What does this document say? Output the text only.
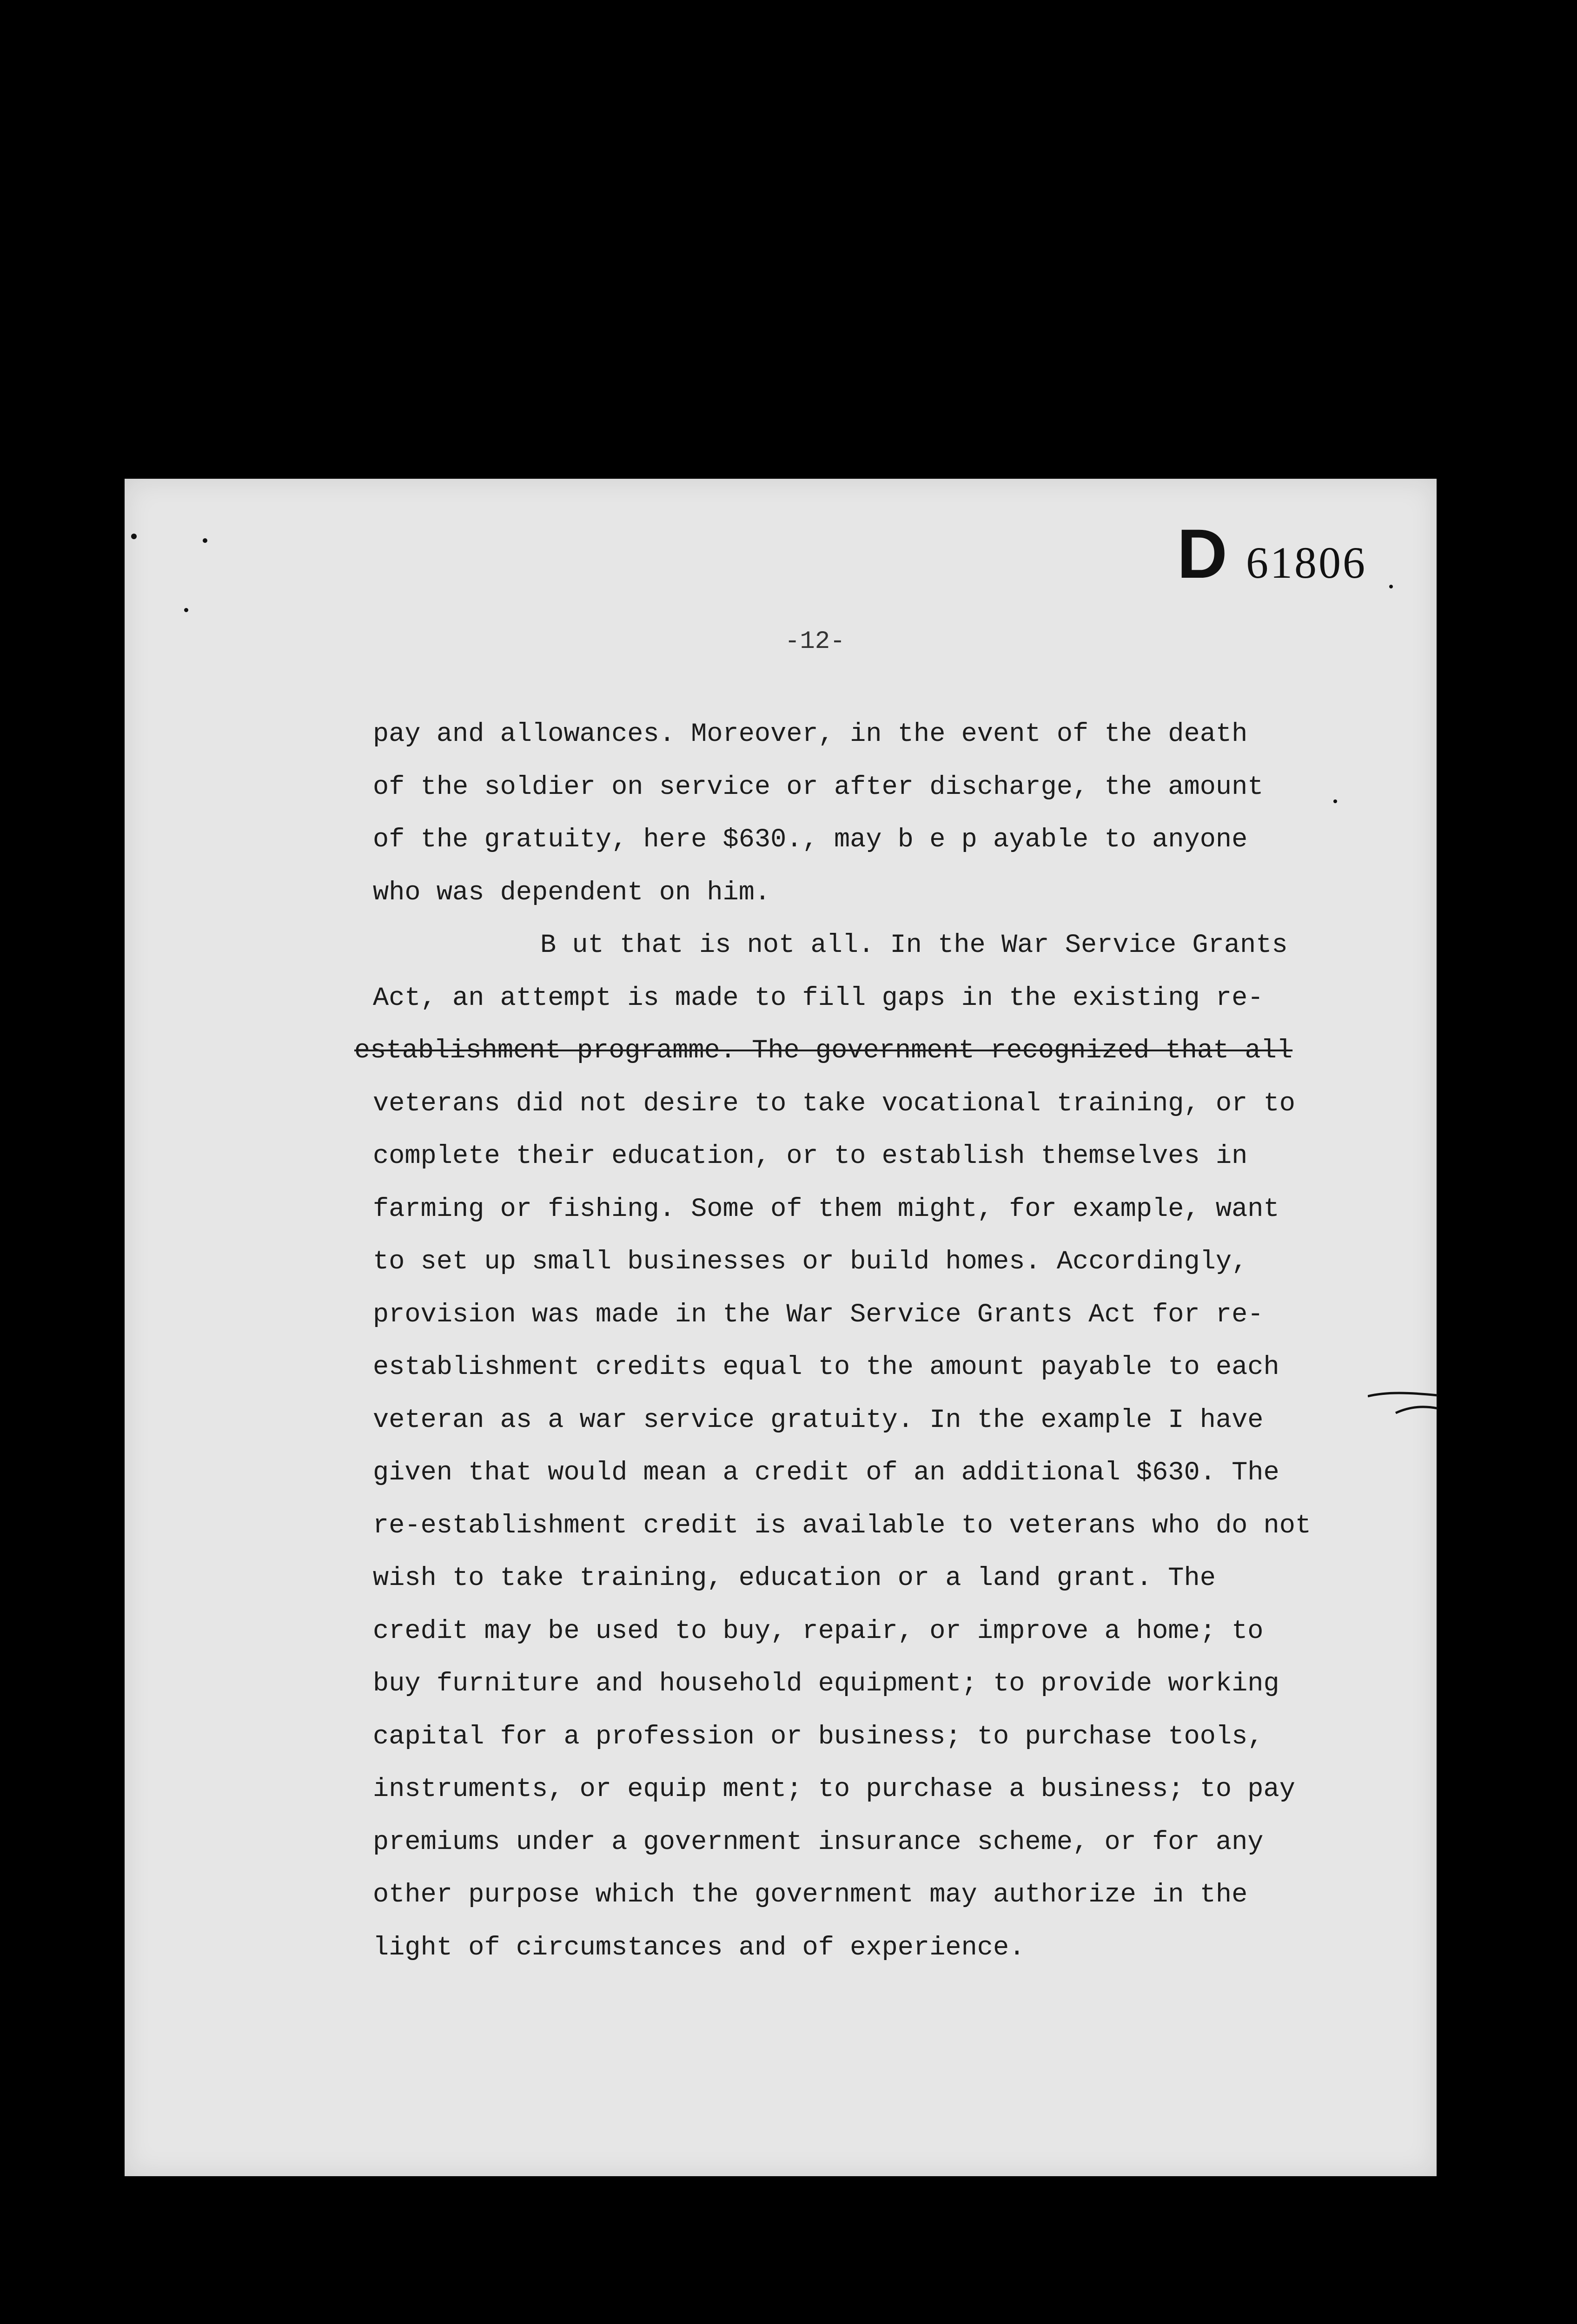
D 61806
-12-
pay and allowances. Moreover, in the event of the death
of the soldier on service or after discharge, the amount
of the gratuity, here $630., may b e p ayable to anyone
who was dependent on him.
B ut that is not all. In the War Service Grants
Act, an attempt is made to fill gaps in the existing re-
establishment programme. The government recognized that all
veterans did not desire to take vocational training, or to
complete their education, or to establish themselves in
farming or fishing. Some of them might, for example, want
to set up small businesses or build homes. Accordingly,
provision was made in the War Service Grants Act for re-
establishment credits equal to the amount payable to each
veteran as a war service gratuity. In the example I have
given that would mean a credit of an additional $630. The
re-establishment credit is available to veterans who do not
wish to take training, education or a land grant. The
credit may be used to buy, repair, or improve a home; to
buy furniture and household equipment; to provide working
capital for a profession or business; to purchase tools,
instruments, or equip ment; to purchase a business; to pay
premiums under a government insurance scheme, or for any
other purpose which the government may authorize in the
light of circumstances and of experience.
